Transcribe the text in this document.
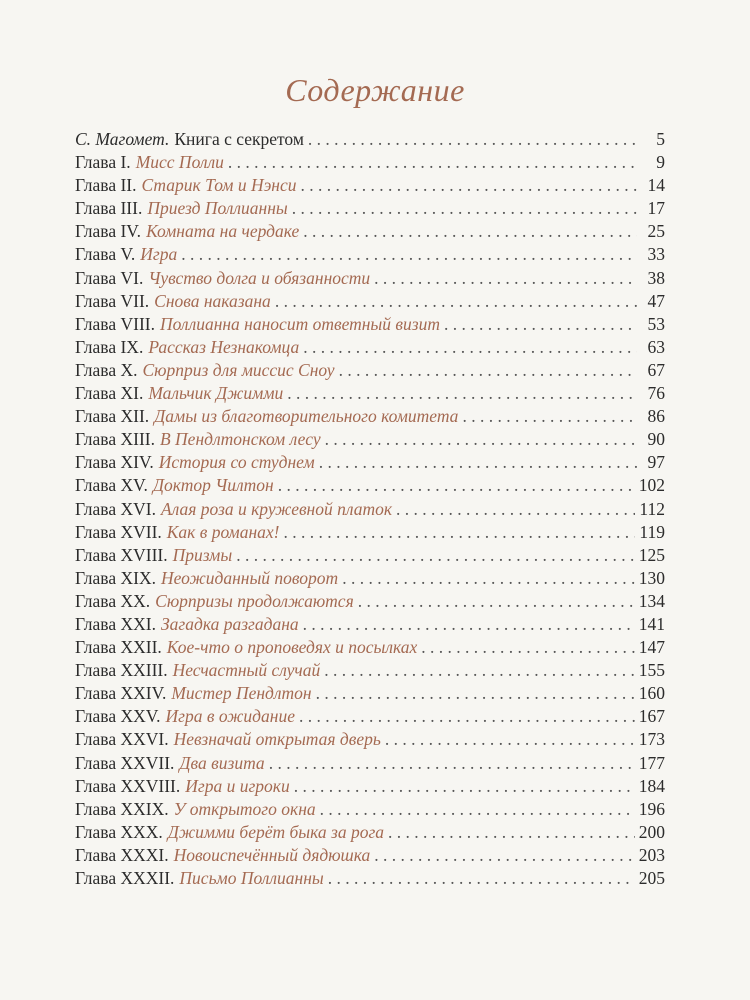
Содержание
С. Магомет. Книга с секретом . . .	5
Глава I. Мисс Полли . . .	9
Глава II. Старик Том и Нэнси . . .	14
Глава III. Приезд Поллианны . . .	17
Глава IV. Комната на чердаке . . .	25
Глава V. Игра . . .	33
Глава VI. Чувство долга и обязанности . . .	38
Глава VII. Снова наказана . . .	47
Глава VIII. Поллианна наносит ответный визит . . .	53
Глава IX. Рассказ Незнакомца . . .	63
Глава X. Сюрприз для миссис Сноу . . .	67
Глава XI. Мальчик Джимми . . .	76
Глава XII. Дамы из благотворительного комитета . . .	86
Глава XIII. В Пендлтонском лесу . . .	90
Глава XIV. История со студнем . . .	97
Глава XV. Доктор Чилтон . . .	102
Глава XVI. Алая роза и кружевной платок . . .	112
Глава XVII. Как в романах! . . .	119
Глава XVIII. Призмы . . .	125
Глава XIX. Неожиданный поворот . . .	130
Глава XX. Сюрпризы продолжаются . . .	134
Глава XXI. Загадка разгадана . . .	141
Глава XXII. Кое-что о проповедях и посылках . . .	147
Глава XXIII. Несчастный случай . . .	155
Глава XXIV. Мистер Пендлтон . . .	160
Глава XXV. Игра в ожидание . . .	167
Глава XXVI. Невзначай открытая дверь . . .	173
Глава XXVII. Два визита . . .	177
Глава XXVIII. Игра и игроки . . .	184
Глава XXIX. У открытого окна . . .	196
Глава XXX. Джимми берёт быка за рога . . .	200
Глава XXXI. Новоиспечённый дядюшка . . .	203
Глава XXXII. Письмо Поллианны . . .	205
